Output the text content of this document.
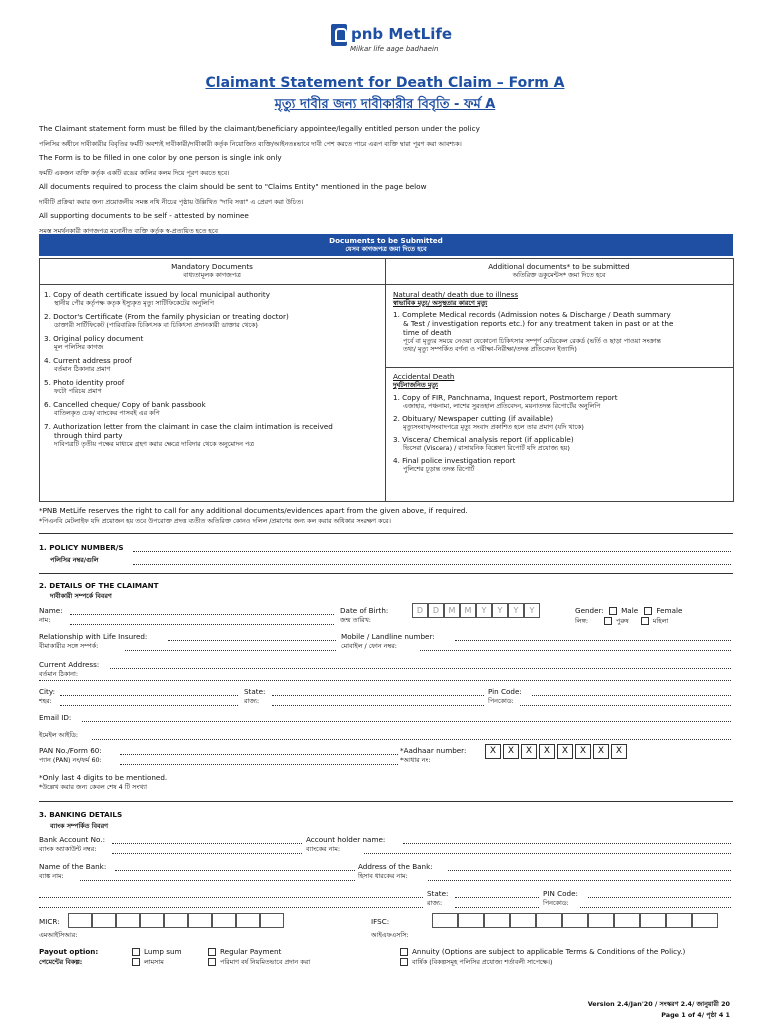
pnb MetLife
Milkar life aage badhaein
Claimant Statement for Death Claim – Form A
মৃত্যু দাবীর জন্য দাবীকারীর বিবৃতি - ফর্ম A
The Claimant statement form must be filled by the claimant/beneficiary appointee/legally entitled person under the policy
পলিসির অধীনে দাবীকারীর বিবৃতির ফর্মটি অবশ্যই দাবীকারী/দাবীকারী কর্তৃক নিয়োজিত ব্যক্তি/আইনতঃভাবে দাবী পেশ করতে পারে এরূপ ব্যক্তি দ্বারা পূরণ করা আবশ্যক।
The Form is to be filled in one color by one person is single ink only
ফর্মটি একজন ব্যক্তি কর্তৃক একটি রঙের কালির কলম দিয়ে পূরণ করতে হবে।
All documents required to process the claim should be sent to "Claims Entity" mentioned in the page below
দাবীটি প্রক্রিয়া করার জন্য প্রয়োজনীয় সমস্ত নথি নীচের পৃষ্ঠায় উল্লিখিত "দাবি সত্তা" এ প্রেরণ করা উচিত।
All supporting documents to be self - attested by nominee
সমস্ত সমর্থনকারী কাগজপত্র মনোনীত ব্যক্তি কর্তৃক স্ব-প্রত্যয়িত হতে হবে
Documents to be Submitted
যেসব কাগজপত্র জমা দিতে হবে
Mandatory Documents
বাধ্যতামূলক কাগজপত্র
Additional documents* to be submitted
অতিরিক্ত ডকুমেন্টস* জমা দিতে হবে
1. Copy of death certificate issued by local municipal authority
স্থানীয় পৌর কর্তৃপক্ষ কতৃক ইস্যুকৃত মৃত্যু সার্টিফিকেটের অনুলিপি
2. Doctor's Certificate (From the family physician or treating doctor)
ডাক্তারী সার্টিফিকেট (পারিবারিক চিকিৎসক বা চিকিৎসা প্রদানকারী ডাক্তার থেকে)
3. Original policy document
মূল পলিসির কাগজ
4. Current address proof
বর্তমান ঠিকানার প্রমাণ
5. Photo identity proof
ফটো পরিচয় প্রমাণ
6. Cancelled cheque/ Copy of bank passbook
বাতিলকৃত চেক/ ব্যাংকের পাসবই এর কপি
7. Authorization letter from the claimant in case the claim intimation is received
through third party
দাবিপত্রটি তৃতীয় পক্ষের মাধ্যমে গ্রহণ করার ক্ষেত্রে দাবিদার থেকে অনুমোদন পত্র
Natural death/ death due to illness
স্বাভাবিক মৃত্যু/ অসুস্থতার কারণে মৃত্যু
1. Complete Medical records (Admission notes & Discharge / Death summary
& Test / investigation reports etc.) for any treatment taken in past or at the
time of death
পূর্বে বা মৃত্যুর সময়ে নেওয়া যেকোনো চিকিৎসার সম্পূর্ণ মেডিকেল রেকর্ড (ভর্তি ও ছাড়া পাওয়া সংক্রান্ত
তথ্য/ মৃত্যু সম্পর্কিত বর্ণনা ও পরীক্ষা-নিরীক্ষা/তদন্ত প্রতিবেদন ইত্যাদি)
Accidental Death
দুর্ঘটনাজনিত মৃত্যু
1. Copy of FIR, Panchnama, Inquest report, Postmortem report
এজাহার, পঞ্চনামা, লাশের সুরতহাল প্রতিবেদন, ময়নাতদন্ত রিপোর্টের অনুলিপি
2. Obituary/ Newspaper cutting (if available)
মৃত্যুসংবাদ/সংবাদপত্রে মৃত্যু সংবাদ প্রকাশিত হলে তার প্রমাণ (যদি থাকে)
3. Viscera/ Chemical analysis report (if applicable)
ভিসেরা (Viscera) / রাসায়নিক বিশ্লেষণ রিপোর্ট যদি প্রযোজ্য হয়)
4. Final police investigation report
পুলিশের চূড়ান্ত তদন্ত রিপোর্ট
*PNB MetLife reserves the right to call for any additional documents/evidences apart from the given above, if required.
*পিএনবি মেটলাইফ যদি প্রয়োজন হয় তবে উপরোক্ত প্রদত্ত ব্যতীত অতিরিক্ত কোনও দলিল /প্রমাণের জন্য কল করার অধিকার সংরক্ষণ করে।
1. POLICY NUMBER/S
পলিসির নম্বর/গুলি
2. DETAILS OF THE CLAIMANT
দাবীকারী সম্পর্কে বিবরণ
Name:
নাম:
Date of Birth:
জন্ম তারিখ:
D	D	M	M	Y	Y	Y	Y	Gender: Male	Female
লিঙ্গ:	পুরুষ	মহিলা
Relationship with Life Insured:
বীমাকারীর সঙ্গে সম্পর্ক:
Mobile / Landline number:
মোবাইল / ফোন নম্বর:
Current Address:
বর্তমান ঠিকানা:
City:
শহর:
State:
রাজ্য:
Pin Code:
পিনকোড:
Email ID:
ইমেইল আইডি:
PAN No./Form 60:
প্যান (PAN) নং/ফর্ম 60:
*Aadhaar number:
*আধার নং:
X	X	X	X	X	X	X	X
*Only last 4 digits to be mentioned.
*উল্লেখ করার জন্য কেবল শেষ 4 টি সংখ্যা
3. BANKING DETAILS
ব্যাংক সম্পর্কিত বিবরণ
Bank Account No.:
ব্যাংক অ্যাকাউন্ট নম্বর:
Account holder name:
ব্যাংকের নাম:
Name of the Bank:
ব্যাঙ্ক নাম:
Address of the Bank:
হিসাব ধারকের নাম:
State:
রাজ্য:
PIN Code:
পিনকোড:
MICR:
এমআইসিআর:
IFSC:
আইএফএসসি:
Payout option:
পেমেন্টের বিকল্প:
Lump sum
লামসাম
Regular Payment
পরিমাণ বর্ষ নিয়মিতভাবে প্রদান করা
Annuity (Options are subject to applicable Terms & Conditions of the Policy.)
বার্ষিক (বিকল্পসমূহ পলিসির প্রযোজ্য শর্তাবলী সাপেক্ষে।)
Version 2.4/Jan'20 / সংস্করণ 2.4/ জানুয়ারী 20
Page 1 of 4/ পৃষ্ঠা 4 1
